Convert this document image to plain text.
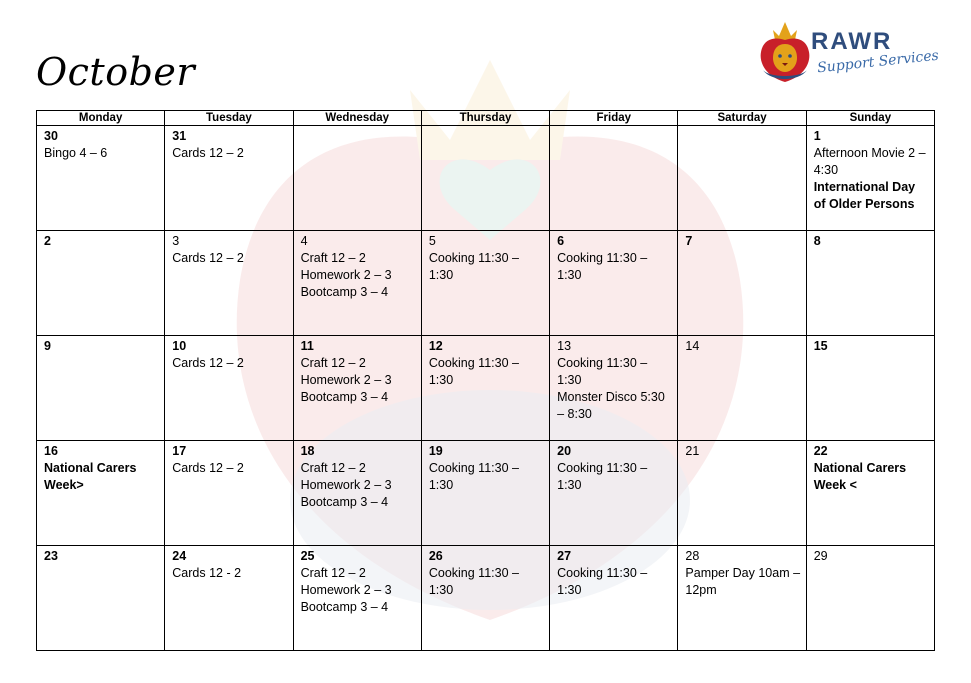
October
RAWR
Support Services
Monday	Tuesday	Wednesday	Thursday	Friday	Saturday	Sunday

30
Bingo 4 – 6	31
Cards 12 – 2					1
Afternoon Movie 2 – 4:30
International Day of Older Persons

2	3
Cards 12 – 2	4
Craft 12 – 2
Homework 2 – 3
Bootcamp 3 – 4	5
Cooking 11:30 – 1:30	6
Cooking 11:30 – 1:30	7	8

9	10
Cards 12 – 2	11
Craft 12 – 2
Homework 2 – 3
Bootcamp 3 – 4	12
Cooking 11:30 – 1:30	13
Cooking 11:30 – 1:30
Monster Disco 5:30 – 8:30	14	15

16
National Carers Week>	17
Cards 12 – 2	18
Craft 12 – 2
Homework 2 – 3
Bootcamp 3 – 4	19
Cooking 11:30 – 1:30	20
Cooking 11:30 – 1:30	21	22
National Carers Week <

23	24
Cards 12 - 2	25
Craft 12 – 2
Homework 2 – 3
Bootcamp 3 – 4	26
Cooking 11:30 – 1:30	27
Cooking 11:30 – 1:30	28
Pamper Day 10am – 12pm	29
